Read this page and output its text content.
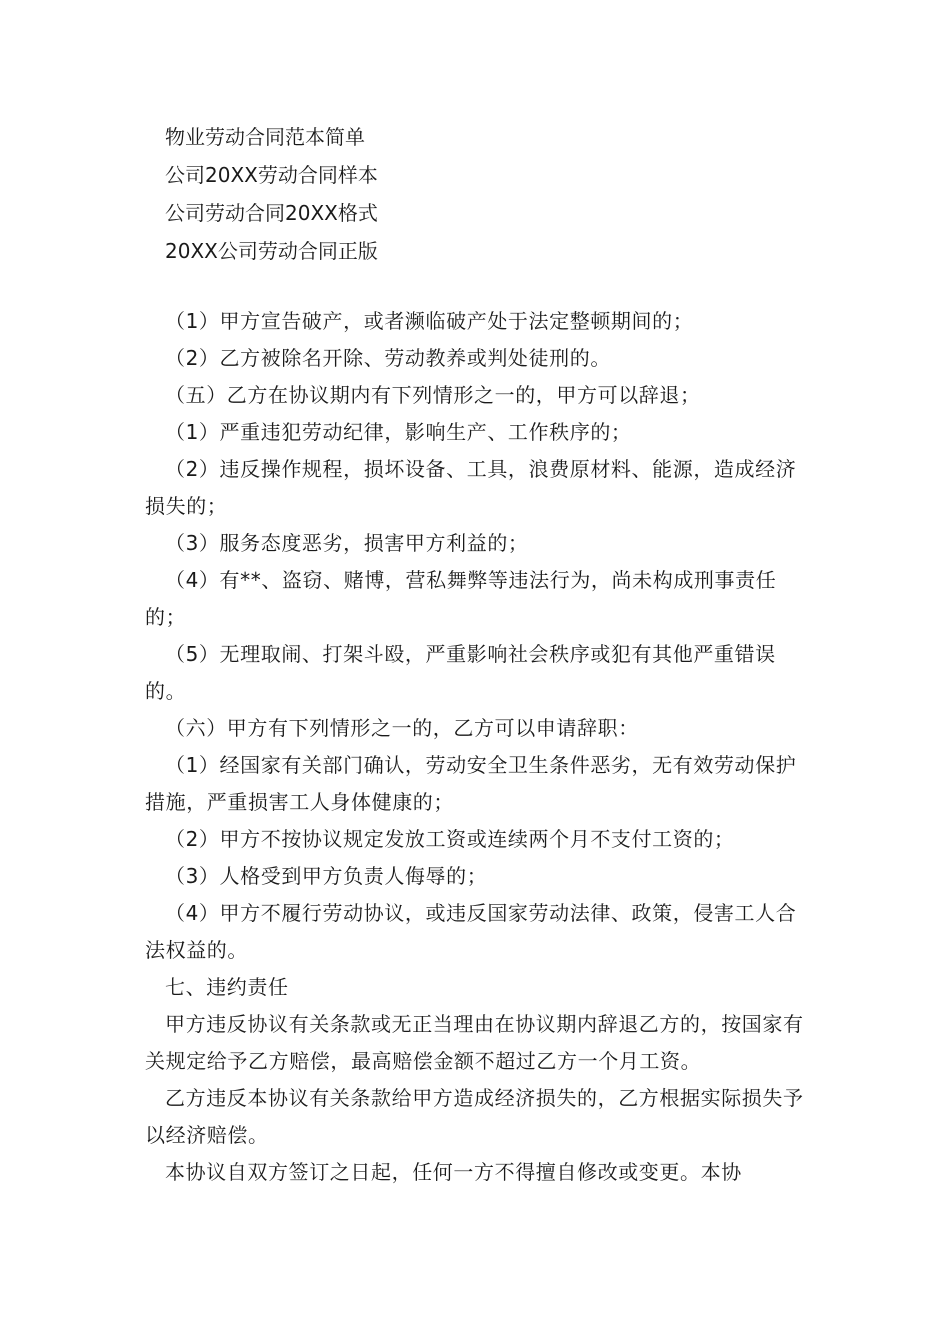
物业劳动合同范本简单
公司20XX劳动合同样本
公司劳动合同20XX格式
20XX公司劳动合同正版

（1）甲方宣告破产，或者濒临破产处于法定整顿期间的；

（2）乙方被除名开除、劳动教养或判处徒刑的。

（五）乙方在协议期内有下列情形之一的，甲方可以辞退；

（1）严重违犯劳动纪律，影响生产、工作秩序的；

（2）违反操作规程，损坏设备、工具，浪费原材料、能源，造成经济损失的；

（3）服务态度恶劣，损害甲方利益的；

（4）有**、盗窃、赌博，营私舞弊等违法行为，尚未构成刑事责任的；

（5）无理取闹、打架斗殴，严重影响社会秩序或犯有其他严重错误的。

（六）甲方有下列情形之一的，乙方可以申请辞职：

（1）经国家有关部门确认，劳动安全卫生条件恶劣，无有效劳动保护措施，严重损害工人身体健康的；

（2）甲方不按协议规定发放工资或连续两个月不支付工资的；

（3）人格受到甲方负责人侮辱的；

（4）甲方不履行劳动协议，或违反国家劳动法律、政策，侵害工人合法权益的。

七、违约责任

甲方违反协议有关条款或无正当理由在协议期内辞退乙方的，按国家有关规定给予乙方赔偿，最高赔偿金额不超过乙方一个月工资。

乙方违反本协议有关条款给甲方造成经济损失的，乙方根据实际损失予以经济赔偿。

本协议自双方签订之日起，任何一方不得擅自修改或变更。本协
